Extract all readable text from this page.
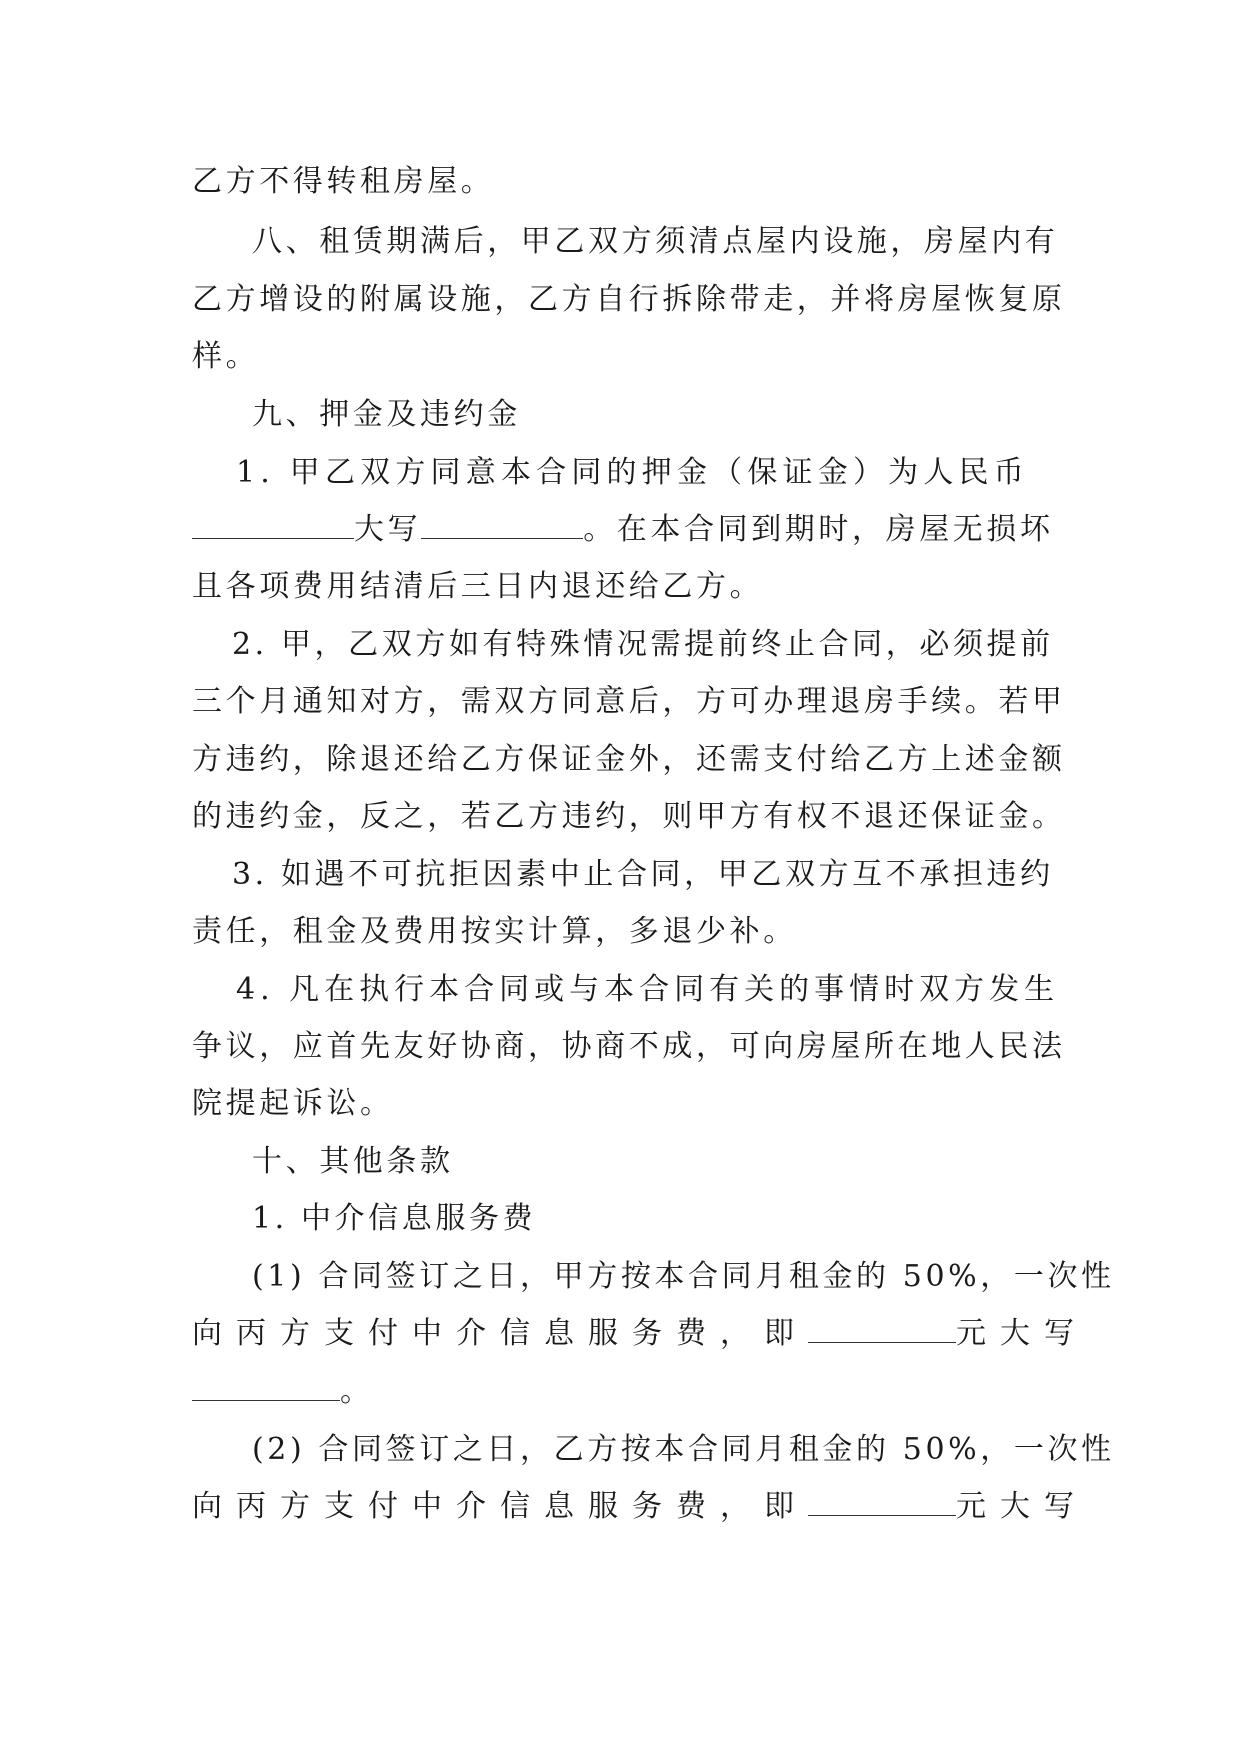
乙方不得转租房屋。
八、租赁期满后，甲乙双方须清点屋内设施，房屋内有
乙方增设的附属设施，乙方自行拆除带走，并将房屋恢复原
样。
九、押金及违约金
1. 甲乙双方同意本合同的押金（保证金）为人民币
大写	。在本合同到期时，房屋无损坏
且各项费用结清后三日内退还给乙方。
2. 甲，乙双方如有特殊情况需提前终止合同，必须提前
三个月通知对方，需双方同意后，方可办理退房手续。若甲
方违约，除退还给乙方保证金外，还需支付给乙方上述金额
的违约金，反之，若乙方违约，则甲方有权不退还保证金。
3. 如遇不可抗拒因素中止合同，甲乙双方互不承担违约
责任，租金及费用按实计算，多退少补。
4. 凡在执行本合同或与本合同有关的事情时双方发生
争议，应首先友好协商，协商不成，可向房屋所在地人民法
院提起诉讼。
十、其他条款
1. 中介信息服务费
(1) 合同签订之日，甲方按本合同月租金的 50%，一次性
向丙方支付中介信息服务费，即	元大写
。
(2) 合同签订之日，乙方按本合同月租金的 50%，一次性
向丙方支付中介信息服务费，即	元大写
